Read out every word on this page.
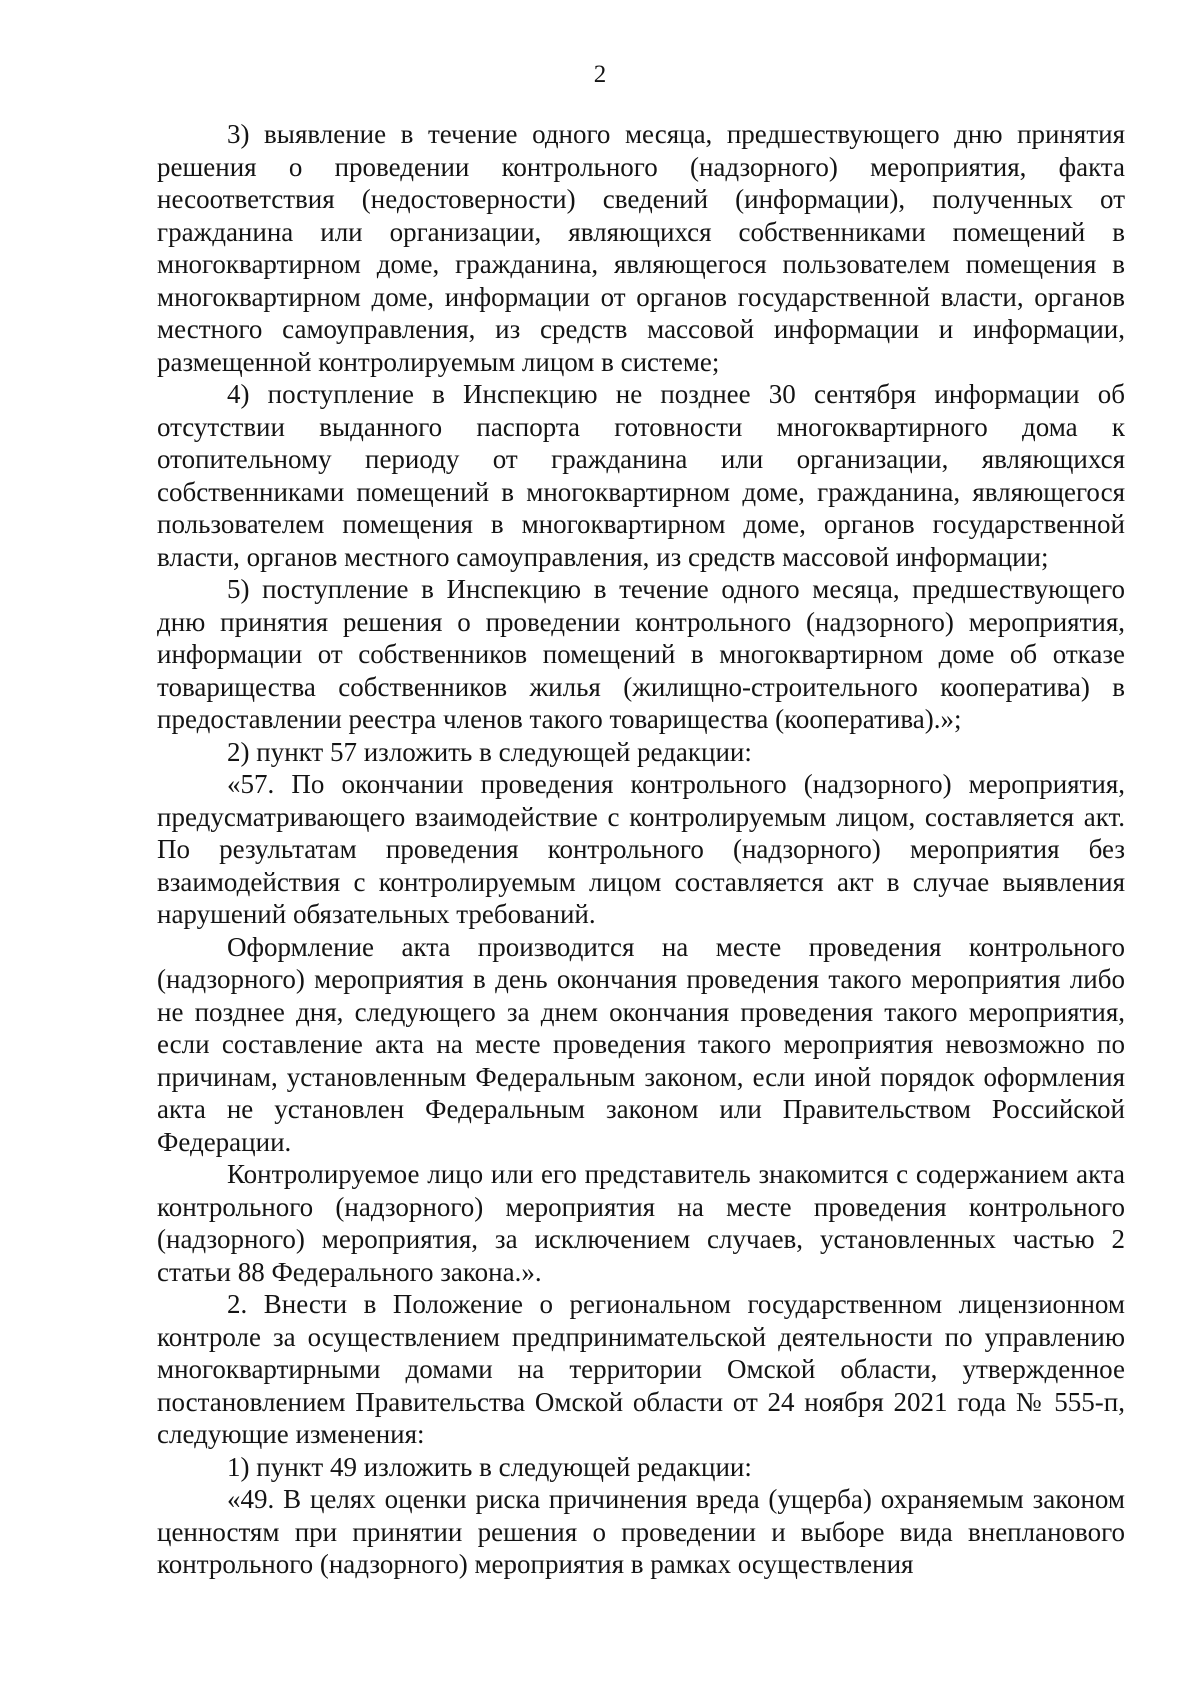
2

3) выявление в течение одного месяца, предшествующего дню принятия решения о проведении контрольного (надзорного) мероприятия, факта несоответствия (недостоверности) сведений (информации), полученных от гражданина или организации, являющихся собственниками помещений в многоквартирном доме, гражданина, являющегося пользователем помещения в многоквартирном доме, информации от органов государственной власти, органов местного самоуправления, из средств массовой информации и информации, размещенной контролируемым лицом в системе;

4) поступление в Инспекцию не позднее 30 сентября информации об отсутствии выданного паспорта готовности многоквартирного дома к отопительному периоду от гражданина или организации, являющихся собственниками помещений в многоквартирном доме, гражданина, являющегося пользователем помещения в многоквартирном доме, органов государственной власти, органов местного самоуправления, из средств массовой информации;

5) поступление в Инспекцию в течение одного месяца, предшествующего дню принятия решения о проведении контрольного (надзорного) мероприятия, информации от собственников помещений в многоквартирном доме об отказе товарищества собственников жилья (жилищно-строительного кооператива) в предоставлении реестра членов такого товарищества (кооператива).»;

2) пункт 57 изложить в следующей редакции:

«57. По окончании проведения контрольного (надзорного) мероприятия, предусматривающего взаимодействие с контролируемым лицом, составляется акт. По результатам проведения контрольного (надзорного) мероприятия без взаимодействия с контролируемым лицом составляется акт в случае выявления нарушений обязательных требований.

Оформление акта производится на месте проведения контрольного (надзорного) мероприятия в день окончания проведения такого мероприятия либо не позднее дня, следующего за днем окончания проведения такого мероприятия, если составление акта на месте проведения такого мероприятия невозможно по причинам, установленным Федеральным законом, если иной порядок оформления акта не установлен Федеральным законом или Правительством Российской Федерации.

Контролируемое лицо или его представитель знакомится с содержанием акта контрольного (надзорного) мероприятия на месте проведения контрольного (надзорного) мероприятия, за исключением случаев, установленных частью 2 статьи 88 Федерального закона.».

2. Внести в Положение о региональном государственном лицензионном контроле за осуществлением предпринимательской деятельности по управлению многоквартирными домами на территории Омской области, утвержденное постановлением Правительства Омской области от 24 ноября 2021 года № 555-п, следующие изменения:

1) пункт 49 изложить в следующей редакции:

«49. В целях оценки риска причинения вреда (ущерба) охраняемым законом ценностям при принятии решения о проведении и выборе вида внепланового контрольного (надзорного) мероприятия в рамках осуществления
